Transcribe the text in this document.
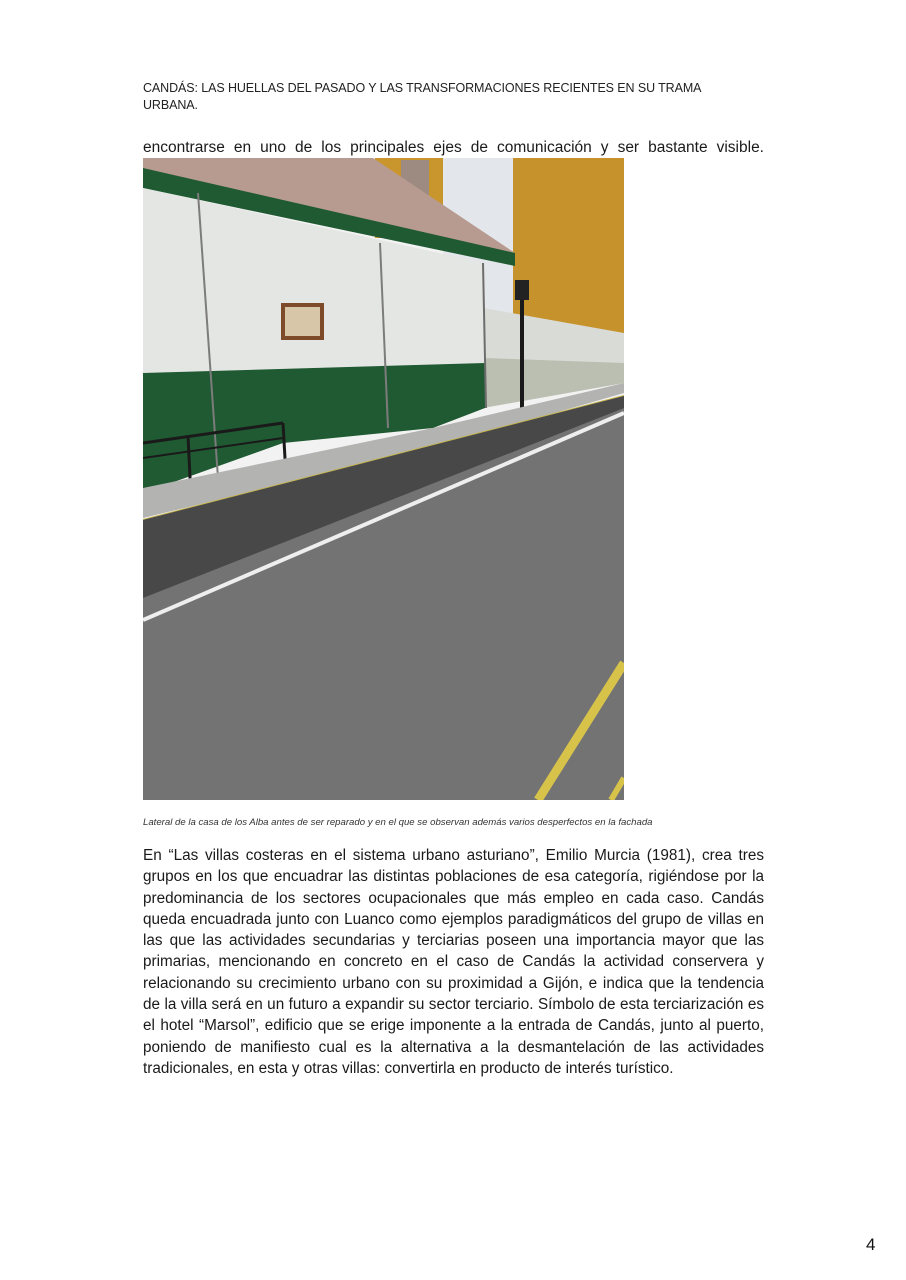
CANDÁS: LAS HUELLAS DEL PASADO Y LAS TRANSFORMACIONES RECIENTES EN SU TRAMA URBANA.
encontrarse en uno de los principales ejes de comunicación y ser bastante visible.
Lateral de la casa de los Alba antes de ser reparado y en el que se observan además varios desperfectos en la fachada
En “Las villas costeras en el sistema urbano asturiano”, Emilio Murcia (1981), crea tres grupos en los que encuadrar las distintas poblaciones de esa categoría, rigiéndose por la predominancia de los sectores ocupacionales que más empleo en cada caso. Candás queda encuadrada junto con Luanco como ejemplos paradigmáticos del grupo de villas en las que las actividades secundarias y terciarias poseen una importancia mayor que las primarias, mencionando en concreto en el caso de Candás la actividad conservera y relacionando su crecimiento urbano con su proximidad a Gijón, e indica que la tendencia de la villa será en un futuro a expandir su sector terciario. Símbolo de esta terciarización es el hotel “Marsol”, edificio que se erige imponente a la entrada de Candás, junto al puerto, poniendo de manifiesto cual es la alternativa a la desmantelación de las actividades tradicionales, en esta y otras villas: convertirla en producto de interés turístico.
4
